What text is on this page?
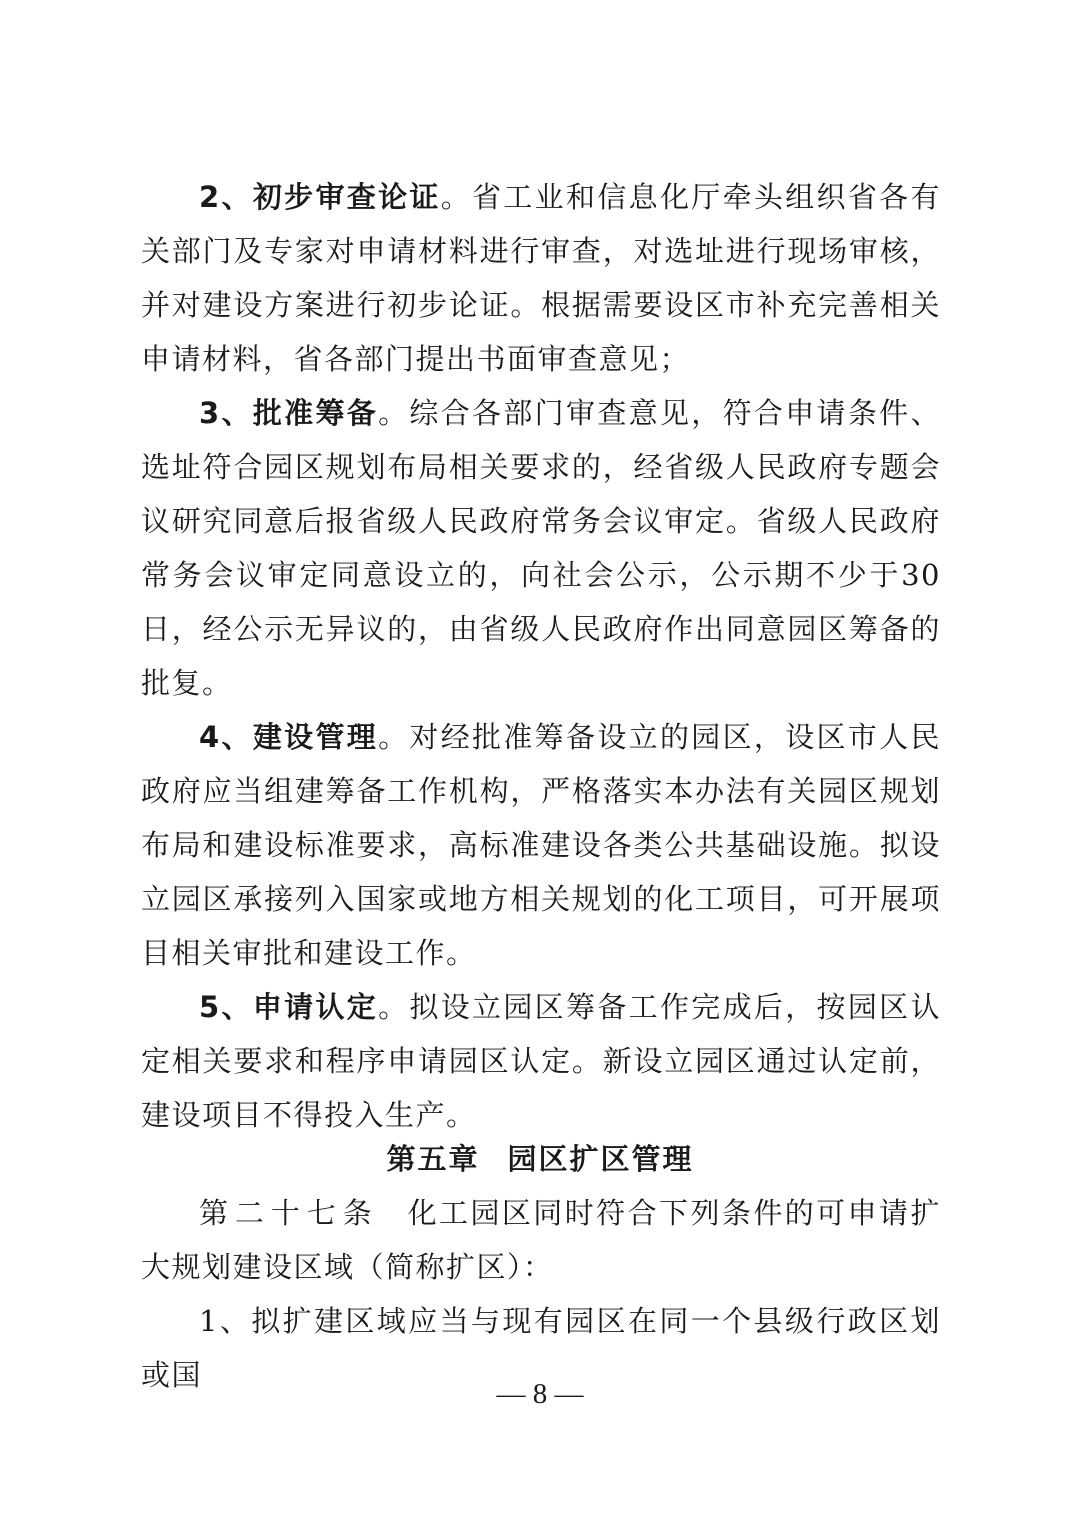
2、初步审查论证。省工业和信息化厅牵头组织省各有关部门及专家对申请材料进行审查，对选址进行现场审核，并对建设方案进行初步论证。根据需要设区市补充完善相关申请材料，省各部门提出书面审查意见；

3、批准筹备。综合各部门审查意见，符合申请条件、选址符合园区规划布局相关要求的，经省级人民政府专题会议研究同意后报省级人民政府常务会议审定。省级人民政府常务会议审定同意设立的，向社会公示，公示期不少于30日，经公示无异议的，由省级人民政府作出同意园区筹备的批复。

4、建设管理。对经批准筹备设立的园区，设区市人民政府应当组建筹备工作机构，严格落实本办法有关园区规划布局和建设标准要求，高标准建设各类公共基础设施。拟设立园区承接列入国家或地方相关规划的化工项目，可开展项目相关审批和建设工作。

5、申请认定。拟设立园区筹备工作完成后，按园区认定相关要求和程序申请园区认定。新设立园区通过认定前，建设项目不得投入生产。

第五章 园区扩区管理

第二十七条 化工园区同时符合下列条件的可申请扩大规划建设区域（简称扩区）：

1、拟扩建区域应当与现有园区在同一个县级行政区划或国

— 8 —
